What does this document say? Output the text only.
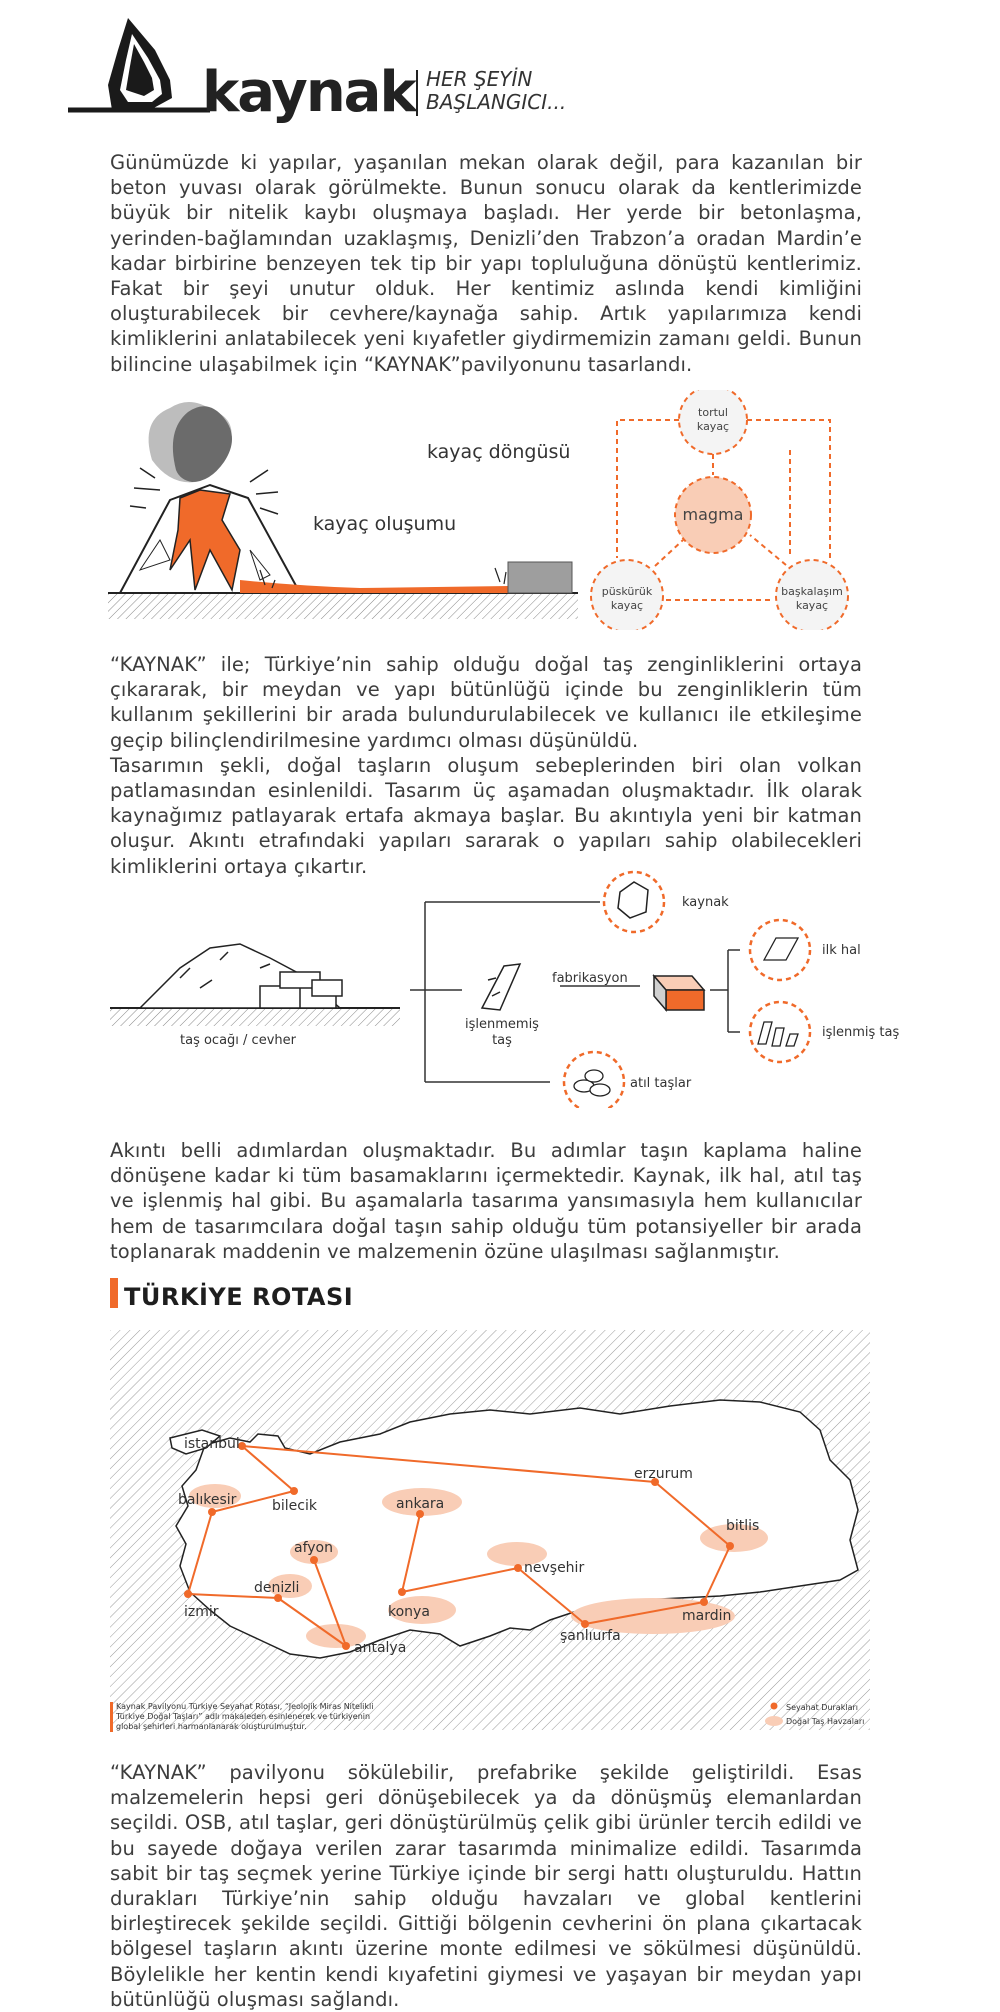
kaynak HER ŞEYİN
BAŞLANGICI...

Günümüzde ki yapılar, yaşanılan mekan olarak değil, para kazanılan bir beton yuvası olarak görülmekte. Bunun sonucu olarak da kentlerimizde büyük bir nitelik kaybı oluşmaya başladı. Her yerde bir betonlaşma, yerinden-bağlamından uzaklaşmış, Denizli’den Trabzon’a oradan Mardin’e kadar birbirine benzeyen tek tip bir yapı topluluğuna dönüştü kentlerimiz. Fakat bir şeyi unutur olduk. Her kentimiz aslında kendi kimliğini oluşturabilecek bir cevhere/kaynağa sahip. Artık yapılarımıza kendi kimliklerini anlatabilecek yeni kıyafetler giydirmemizin zamanı geldi. Bunun bilincine ulaşabilmek için “KAYNAK”pavilyonunu tasarlandı.

kayaç oluşumu
kayaç döngüsü
tortul
kayaç
magma
püskürük
kayaç
başkalaşım
kayaç

“KAYNAK” ile; Türkiye’nin sahip olduğu doğal taş zenginliklerini ortaya çıkararak, bir meydan ve yapı bütünlüğü içinde bu zenginliklerin tüm kullanım şekillerini bir arada bulundurulabilecek ve kullanıcı ile etkileşime geçip bilinçlendirilmesine yardımcı olması düşünüldü.

Tasarımın şekli, doğal taşların oluşum sebeplerinden biri olan volkan patlamasından esinlenildi. Tasarım üç aşamadan oluşmaktadır. İlk olarak kaynağımız patlayarak ertafa akmaya başlar. Bu akıntıyla yeni bir katman oluşur. Akıntı etrafındaki yapıları sararak o yapıları sahip olabilecekleri kimliklerini ortaya çıkartır.

taş ocağı / cevher
kaynak
işlenmemiş
taş
fabrikasyon
atıl taşlar
ilk hal
işlenmiş taş

Akıntı belli adımlardan oluşmaktadır. Bu adımlar taşın kaplama haline dönüşene kadar ki tüm basamaklarını içermektedir. Kaynak, ilk hal, atıl taş ve işlenmiş hal gibi. Bu aşamalarla tasarıma yansımasıyla hem kullanıcılar hem de tasarımcılara doğal taşın sahip olduğu tüm potansiyeller bir arada toplanarak maddenin ve malzemenin özüne ulaşılması sağlanmıştır.

TÜRKİYE ROTASI
istanbul
bilecik
balıkesir
izmir
denizli
afyon
antalya
ankara
konya
nevşehir
erzurum
bitlis
mardin
şanlıurfa
Seyahat Durakları
Doğal Taş Havzaları
Kaynak Pavilyonu Türkiye Seyahat Rotası, “Jeolojik Miras Nitelikli Türkiye Doğal Taşları” adlı makaleden esinlenerek ve türkiyenin global şehirleri harmanlanarak oluşturulmuştur.

“KAYNAK” pavilyonu sökülebilir, prefabrike şekilde geliştirildi. Esas malzemelerin hepsi geri dönüşebilecek ya da dönüşmüş elemanlardan seçildi. OSB, atıl taşlar, geri dönüştürülmüş çelik gibi ürünler tercih edildi ve bu sayede doğaya verilen zarar tasarımda minimalize edildi. Tasarımda sabit bir taş seçmek yerine Türkiye içinde bir sergi hattı oluşturuldu. Hattın durakları Türkiye’nin sahip olduğu havzaları ve global kentlerini birleştirecek şekilde seçildi. Gittiği bölgenin cevherini ön plana çıkartacak bölgesel taşların akıntı üzerine monte edilmesi ve sökülmesi düşünüldü. Böylelikle her kentin kendi kıyafetini giymesi ve yaşayan bir meydan yapı bütünlüğü oluşması sağlandı.
